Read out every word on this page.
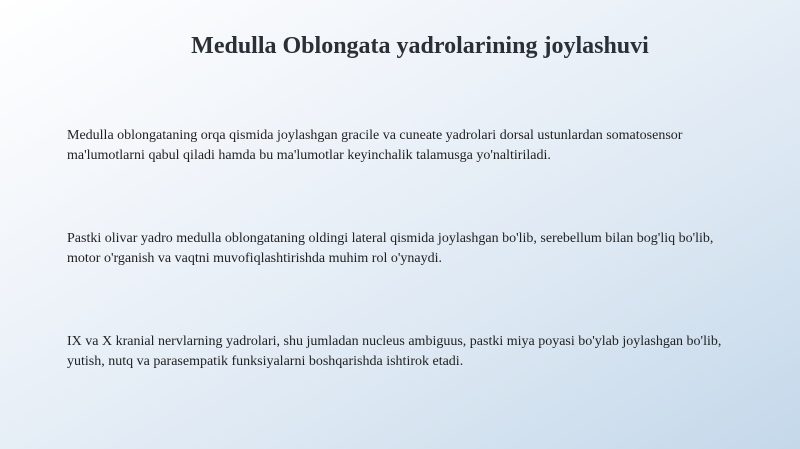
Medulla Oblongata yadrolarining joylashuvi

Medulla oblongataning orqa qismida joylashgan gracile va cuneate yadrolari dorsal ustunlardan somatosensor ma'lumotlarni qabul qiladi hamda bu ma'lumotlar keyinchalik talamusga yo'naltiriladi.

Pastki olivar yadro medulla oblongataning oldingi lateral qismida joylashgan bo'lib, serebellum bilan bog'liq bo'lib, motor o'rganish va vaqtni muvofiqlashtirishda muhim rol o'ynaydi.

IX va X kranial nervlarning yadrolari, shu jumladan nucleus ambiguus, pastki miya poyasi bo'ylab joylashgan bo'lib, yutish, nutq va parasempatik funksiyalarni boshqarishda ishtirok etadi.
